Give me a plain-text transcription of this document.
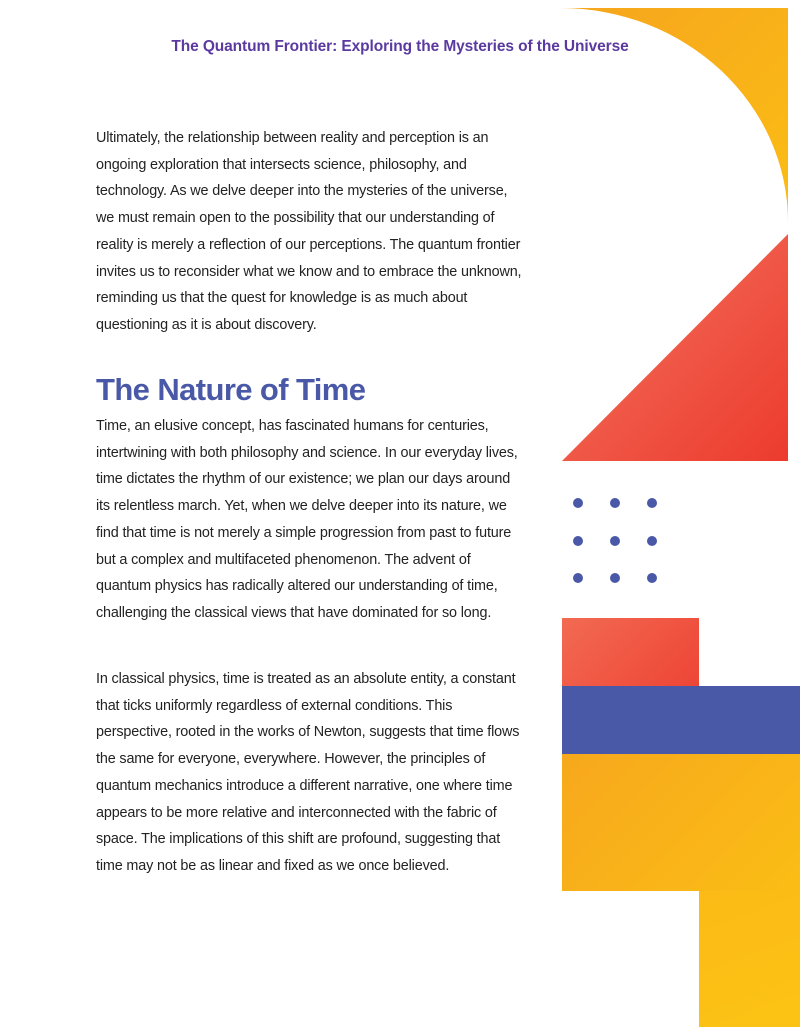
The Quantum Frontier: Exploring the Mysteries of the Universe

Ultimately, the relationship between reality and perception is an ongoing exploration that intersects science, philosophy, and technology. As we delve deeper into the mysteries of the universe, we must remain open to the possibility that our understanding of reality is merely a reflection of our perceptions. The quantum frontier invites us to reconsider what we know and to embrace the unknown, reminding us that the quest for knowledge is as much about questioning as it is about discovery.

The Nature of Time

Time, an elusive concept, has fascinated humans for centuries, intertwining with both philosophy and science. In our everyday lives, time dictates the rhythm of our existence; we plan our days around its relentless march. Yet, when we delve deeper into its nature, we find that time is not merely a simple progression from past to future but a complex and multifaceted phenomenon. The advent of quantum physics has radically altered our understanding of time, challenging the classical views that have dominated for so long.

In classical physics, time is treated as an absolute entity, a constant that ticks uniformly regardless of external conditions. This perspective, rooted in the works of Newton, suggests that time flows the same for everyone, everywhere. However, the principles of quantum mechanics introduce a different narrative, one where time appears to be more relative and interconnected with the fabric of space. The implications of this shift are profound, suggesting that time may not be as linear and fixed as we once believed.
